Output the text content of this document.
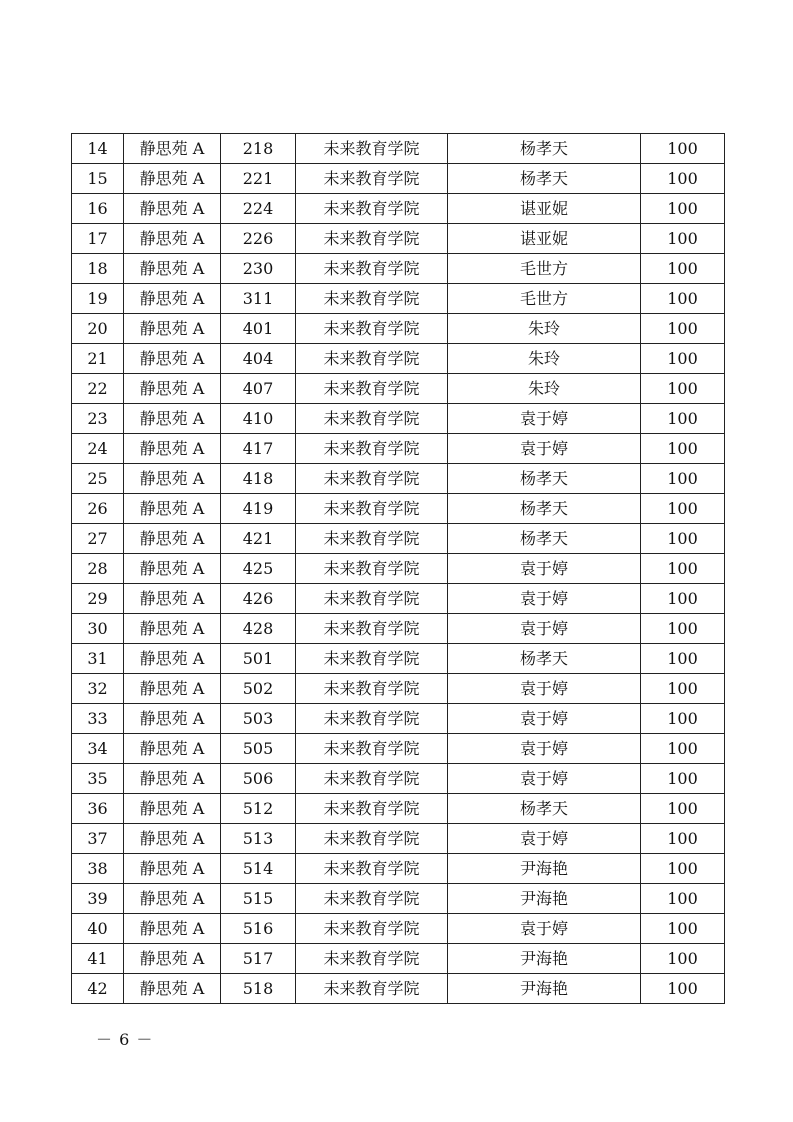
14	静思苑 A	218	未来教育学院	杨孝天	100
15	静思苑 A	221	未来教育学院	杨孝天	100
16	静思苑 A	224	未来教育学院	谌亚妮	100
17	静思苑 A	226	未来教育学院	谌亚妮	100
18	静思苑 A	230	未来教育学院	毛世方	100
19	静思苑 A	311	未来教育学院	毛世方	100
20	静思苑 A	401	未来教育学院	朱玲	100
21	静思苑 A	404	未来教育学院	朱玲	100
22	静思苑 A	407	未来教育学院	朱玲	100
23	静思苑 A	410	未来教育学院	袁于婷	100
24	静思苑 A	417	未来教育学院	袁于婷	100
25	静思苑 A	418	未来教育学院	杨孝天	100
26	静思苑 A	419	未来教育学院	杨孝天	100
27	静思苑 A	421	未来教育学院	杨孝天	100
28	静思苑 A	425	未来教育学院	袁于婷	100
29	静思苑 A	426	未来教育学院	袁于婷	100
30	静思苑 A	428	未来教育学院	袁于婷	100
31	静思苑 A	501	未来教育学院	杨孝天	100
32	静思苑 A	502	未来教育学院	袁于婷	100
33	静思苑 A	503	未来教育学院	袁于婷	100
34	静思苑 A	505	未来教育学院	袁于婷	100
35	静思苑 A	506	未来教育学院	袁于婷	100
36	静思苑 A	512	未来教育学院	杨孝天	100
37	静思苑 A	513	未来教育学院	袁于婷	100
38	静思苑 A	514	未来教育学院	尹海艳	100
39	静思苑 A	515	未来教育学院	尹海艳	100
40	静思苑 A	516	未来教育学院	袁于婷	100
41	静思苑 A	517	未来教育学院	尹海艳	100
42	静思苑 A	518	未来教育学院	尹海艳	100
－ 6 －
